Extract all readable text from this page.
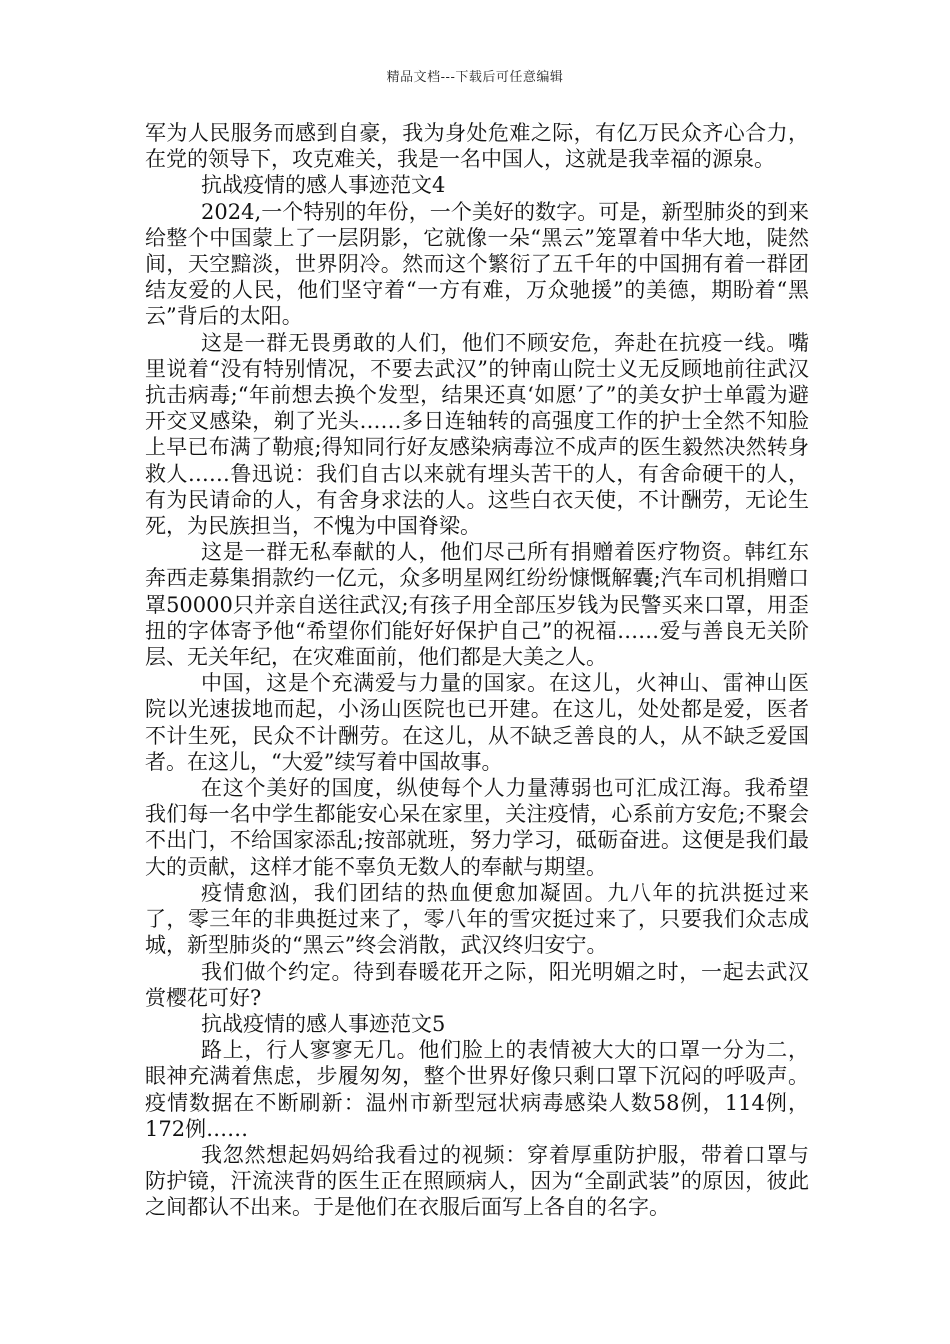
精品文档---下载后可任意编辑

军为人民服务而感到自豪，我为身处危难之际，有亿万民众齐心合力，在党的领导下，攻克难关，我是一名中国人，这就是我幸福的源泉。

抗战疫情的感人事迹范文4

2024,一个特别的年份，一个美好的数字。可是，新型肺炎的到来给整个中国蒙上了一层阴影，它就像一朵“黑云”笼罩着中华大地，陡然间，天空黯淡，世界阴冷。然而这个繁衍了五千年的中国拥有着一群团结友爱的人民，他们坚守着“一方有难，万众驰援”的美德，期盼着“黑云”背后的太阳。

这是一群无畏勇敢的人们，他们不顾安危，奔赴在抗疫一线。嘴里说着“没有特别情况，不要去武汉”的钟南山院士义无反顾地前往武汉抗击病毒;“年前想去换个发型，结果还真‘如愿’了”的美女护士单霞为避开交叉感染，剃了光头……多日连轴转的高强度工作的护士全然不知脸上早已布满了勒痕;得知同行好友感染病毒泣不成声的医生毅然决然转身救人……鲁迅说：我们自古以来就有埋头苦干的人，有舍命硬干的人，有为民请命的人，有舍身求法的人。这些白衣天使，不计酬劳，无论生死，为民族担当，不愧为中国脊梁。

这是一群无私奉献的人，他们尽己所有捐赠着医疗物资。韩红东奔西走募集捐款约一亿元，众多明星网红纷纷慷慨解囊;汽车司机捐赠口罩50000只并亲自送往武汉;有孩子用全部压岁钱为民警买来口罩，用歪扭的字体寄予他“希望你们能好好保护自己”的祝福……爱与善良无关阶层、无关年纪，在灾难面前，他们都是大美之人。

中国，这是个充满爱与力量的国家。在这儿，火神山、雷神山医院以光速拔地而起，小汤山医院也已开建。在这儿，处处都是爱，医者不计生死，民众不计酬劳。在这儿，从不缺乏善良的人，从不缺乏爱国者。在这儿，“大爱”续写着中国故事。

在这个美好的国度，纵使每个人力量薄弱也可汇成江海。我希望我们每一名中学生都能安心呆在家里，关注疫情，心系前方安危;不聚会不出门，不给国家添乱;按部就班，努力学习，砥砺奋进。这便是我们最大的贡献，这样才能不辜负无数人的奉献与期望。

疫情愈汹，我们团结的热血便愈加凝固。九八年的抗洪挺过来了，零三年的非典挺过来了，零八年的雪灾挺过来了，只要我们众志成城，新型肺炎的“黑云”终会消散，武汉终归安宁。

我们做个约定。待到春暖花开之际，阳光明媚之时，一起去武汉赏樱花可好?

抗战疫情的感人事迹范文5

路上，行人寥寥无几。他们脸上的表情被大大的口罩一分为二，眼神充满着焦虑，步履匆匆，整个世界好像只剩口罩下沉闷的呼吸声。疫情数据在不断刷新：温州市新型冠状病毒感染人数58例，114例，172例……

我忽然想起妈妈给我看过的视频：穿着厚重防护服，带着口罩与防护镜，汗流浃背的医生正在照顾病人，因为“全副武装”的原因，彼此之间都认不出来。于是他们在衣服后面写上各自的名字。
